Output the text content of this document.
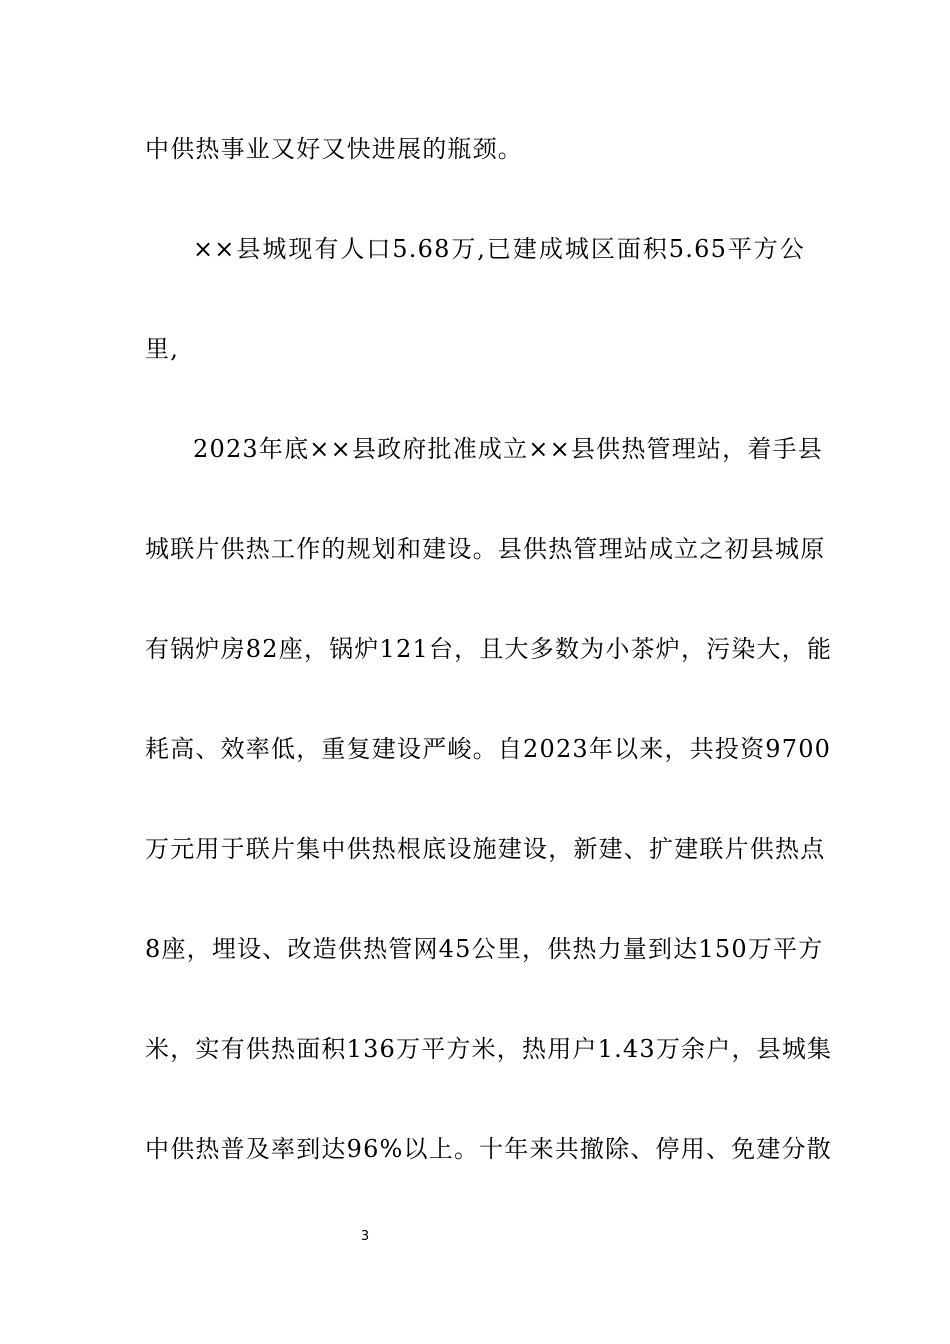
中供热事业又好又快进展的瓶颈。
××县城现有人口5.68万,已建成城区面积5.65平方公
里,
2023年底××县政府批准成立××县供热管理站，着手县
城联片供热工作的规划和建设。县供热管理站成立之初县城原
有锅炉房82座，锅炉121台，且大多数为小茶炉，污染大，能
耗高、效率低，重复建设严峻。自2023年以来，共投资9700
万元用于联片集中供热根底设施建设，新建、扩建联片供热点
8座，埋设、改造供热管网45公里，供热力量到达150万平方
米，实有供热面积136万平方米，热用户1.43万余户，县城集
中供热普及率到达96%以上。十年来共撤除、停用、免建分散
3
